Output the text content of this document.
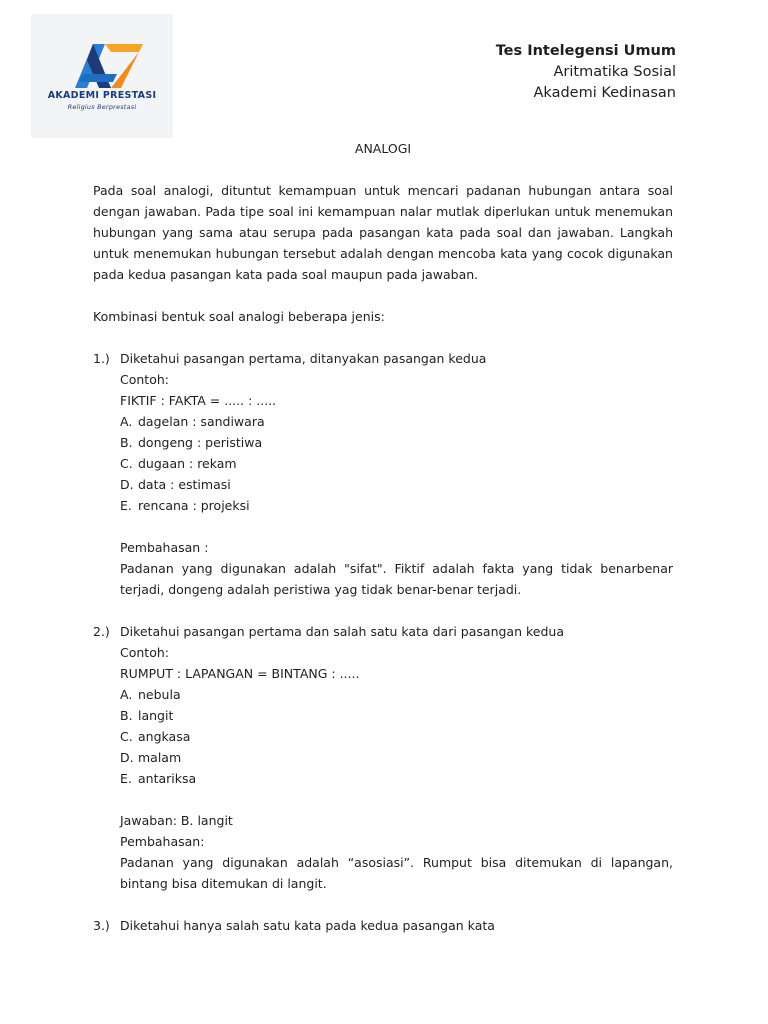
AKADEMI PRESTASI
Religius Berprestasi
Tes Intelegensi Umum
Aritmatika Sosial
Akademi Kedinasan

ANALOGI

Pada soal analogi, dituntut kemampuan untuk mencari padanan hubungan antara soal dengan jawaban. Pada tipe soal ini kemampuan nalar mutlak diperlukan untuk menemukan hubungan yang sama atau serupa pada pasangan kata pada soal dan jawaban. Langkah untuk menemukan hubungan tersebut adalah dengan mencoba kata yang cocok digunakan pada kedua pasangan kata pada soal maupun pada jawaban.

Kombinasi bentuk soal analogi beberapa jenis:

1.) Diketahui pasangan pertama, ditanyakan pasangan kedua

Contoh:

FIKTIF : FAKTA = ..... : .....

A. dagelan : sandiwara
B. dongeng : peristiwa
C. dugaan : rekam
D. data : estimasi
E. rencana : projeksi

Pembahasan :

Padanan yang digunakan adalah "sifat". Fiktif adalah fakta yang tidak benarbenar terjadi, dongeng adalah peristiwa yag tidak benar-benar terjadi.

2.) Diketahui pasangan pertama dan salah satu kata dari pasangan kedua

Contoh:

RUMPUT : LAPANGAN = BINTANG : .....

A. nebula
B. langit
C. angkasa
D. malam
E. antariksa

Jawaban: B. langit

Pembahasan:

Padanan yang digunakan adalah “asosiasi”. Rumput bisa ditemukan di lapangan, bintang bisa ditemukan di langit.

3.) Diketahui hanya salah satu kata pada kedua pasangan kata
